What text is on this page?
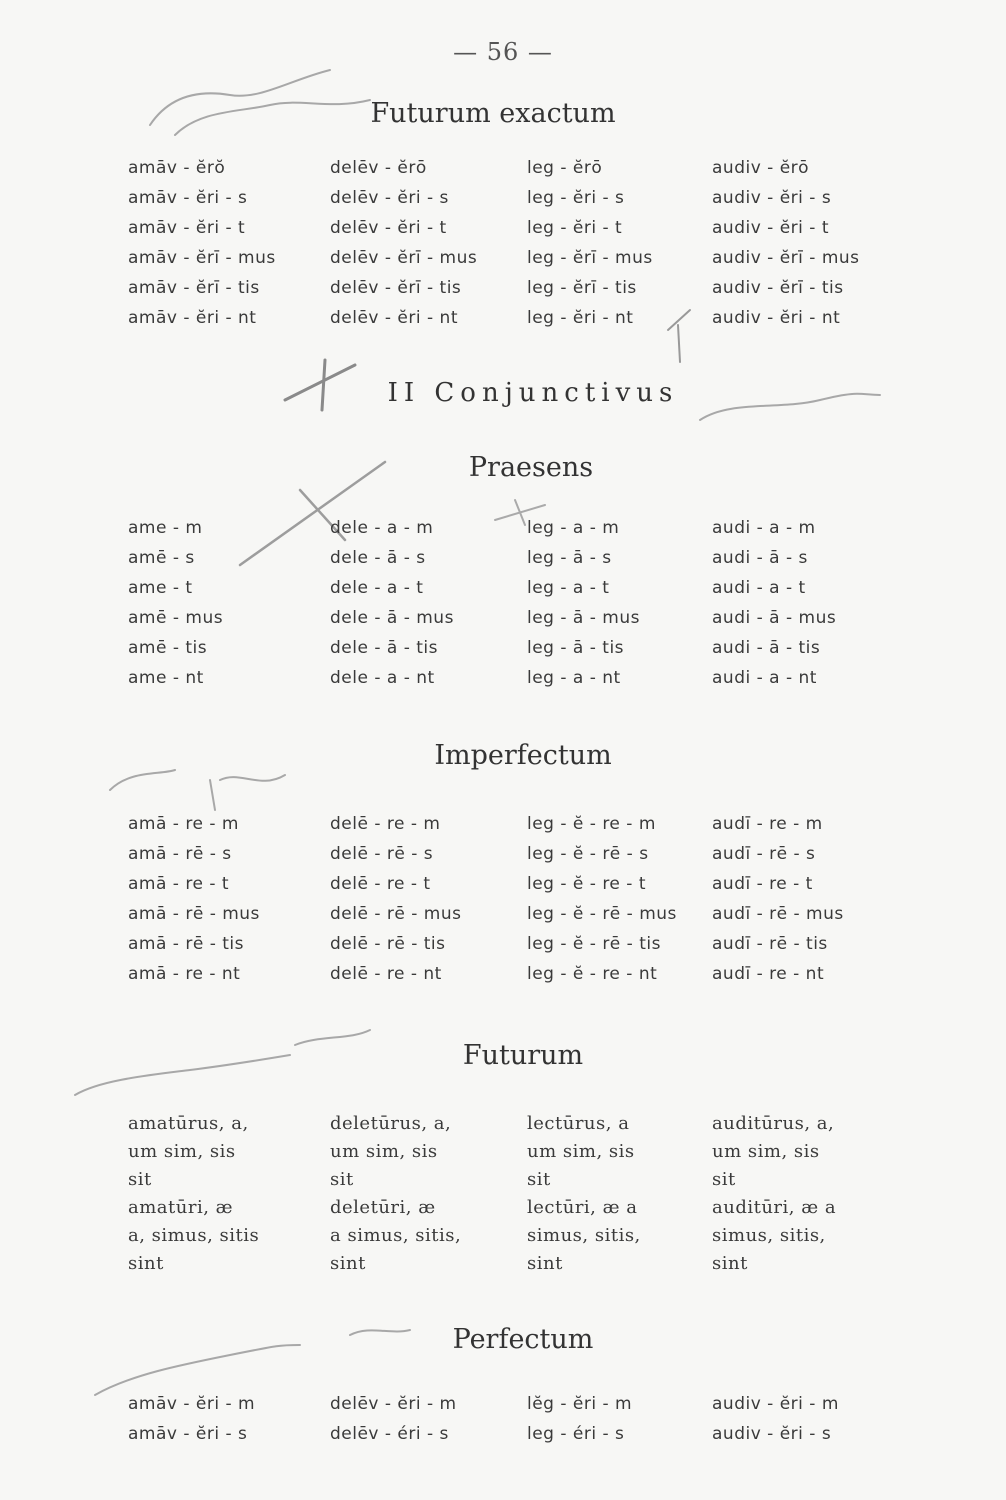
— 56 —
Futurum exactum
amāv - ĕrŏ	delēv - ĕrō	leg - ĕrō	audiv - ĕrō
amāv - ĕri - s	delēv - ĕri - s	leg - ĕri - s	audiv - ĕri - s
amāv - ĕri - t	delēv - ĕri - t	leg - ĕri - t	audiv - ĕri - t
amāv - ĕrī - mus	delēv - ĕrī - mus	leg - ĕrī - mus	audiv - ĕrī - mus
amāv - ĕrī - tis	delēv - ĕrī - tis	leg - ĕrī - tis	audiv - ĕrī - tis
amāv - ĕri - nt	delēv - ĕri - nt	leg - ĕri - nt	audiv - ĕri - nt
II Conjunctivus
Praesens
ame - m	dele - a - m	leg - a - m	audi - a - m
amē - s	dele - ā - s	leg - ā - s	audi - ā - s
ame - t	dele - a - t	leg - a - t	audi - a - t
amē - mus	dele - ā - mus	leg - ā - mus	audi - ā - mus
amē - tis	dele - ā - tis	leg - ā - tis	audi - ā - tis
ame - nt	dele - a - nt	leg - a - nt	audi - a - nt
Imperfectum
amā - re - m	delē - re - m	leg - ĕ - re - m	audī - re - m
amā - rē - s	delē - rē - s	leg - ĕ - rē - s	audī - rē - s
amā - re - t	delē - re - t	leg - ĕ - re - t	audī - re - t
amā - rē - mus	delē - rē - mus	leg - ĕ - rē - mus audī - rē - mus
amā - rē - tis	delē - rē - tis	leg - ĕ - rē - tis	audī - rē - tis
amā - re - nt	delē - re - nt	leg - ĕ - re - nt	audī - re - nt
Futurum
amatūrus, a,	deletūrus, a,	lectūrus, a	auditūrus, a,
um sim, sis	um sim, sis	um sim, sis	um sim, sis
sit	sit	sit	sit
amatūri, æ	deletūri, æ	lectūri, æ a	auditūri, æ a
a, simus, sitis	a simus, sitis,	simus, sitis,	simus, sitis,
sint	sint	sint	sint
Perfectum
amāv - ĕri - m	delēv - ĕri - m	lĕg - ĕri - m	audiv - ĕri - m
amāv - ĕri - s	delēv - éri - s	leg - éri - s	audiv - ĕri - s
